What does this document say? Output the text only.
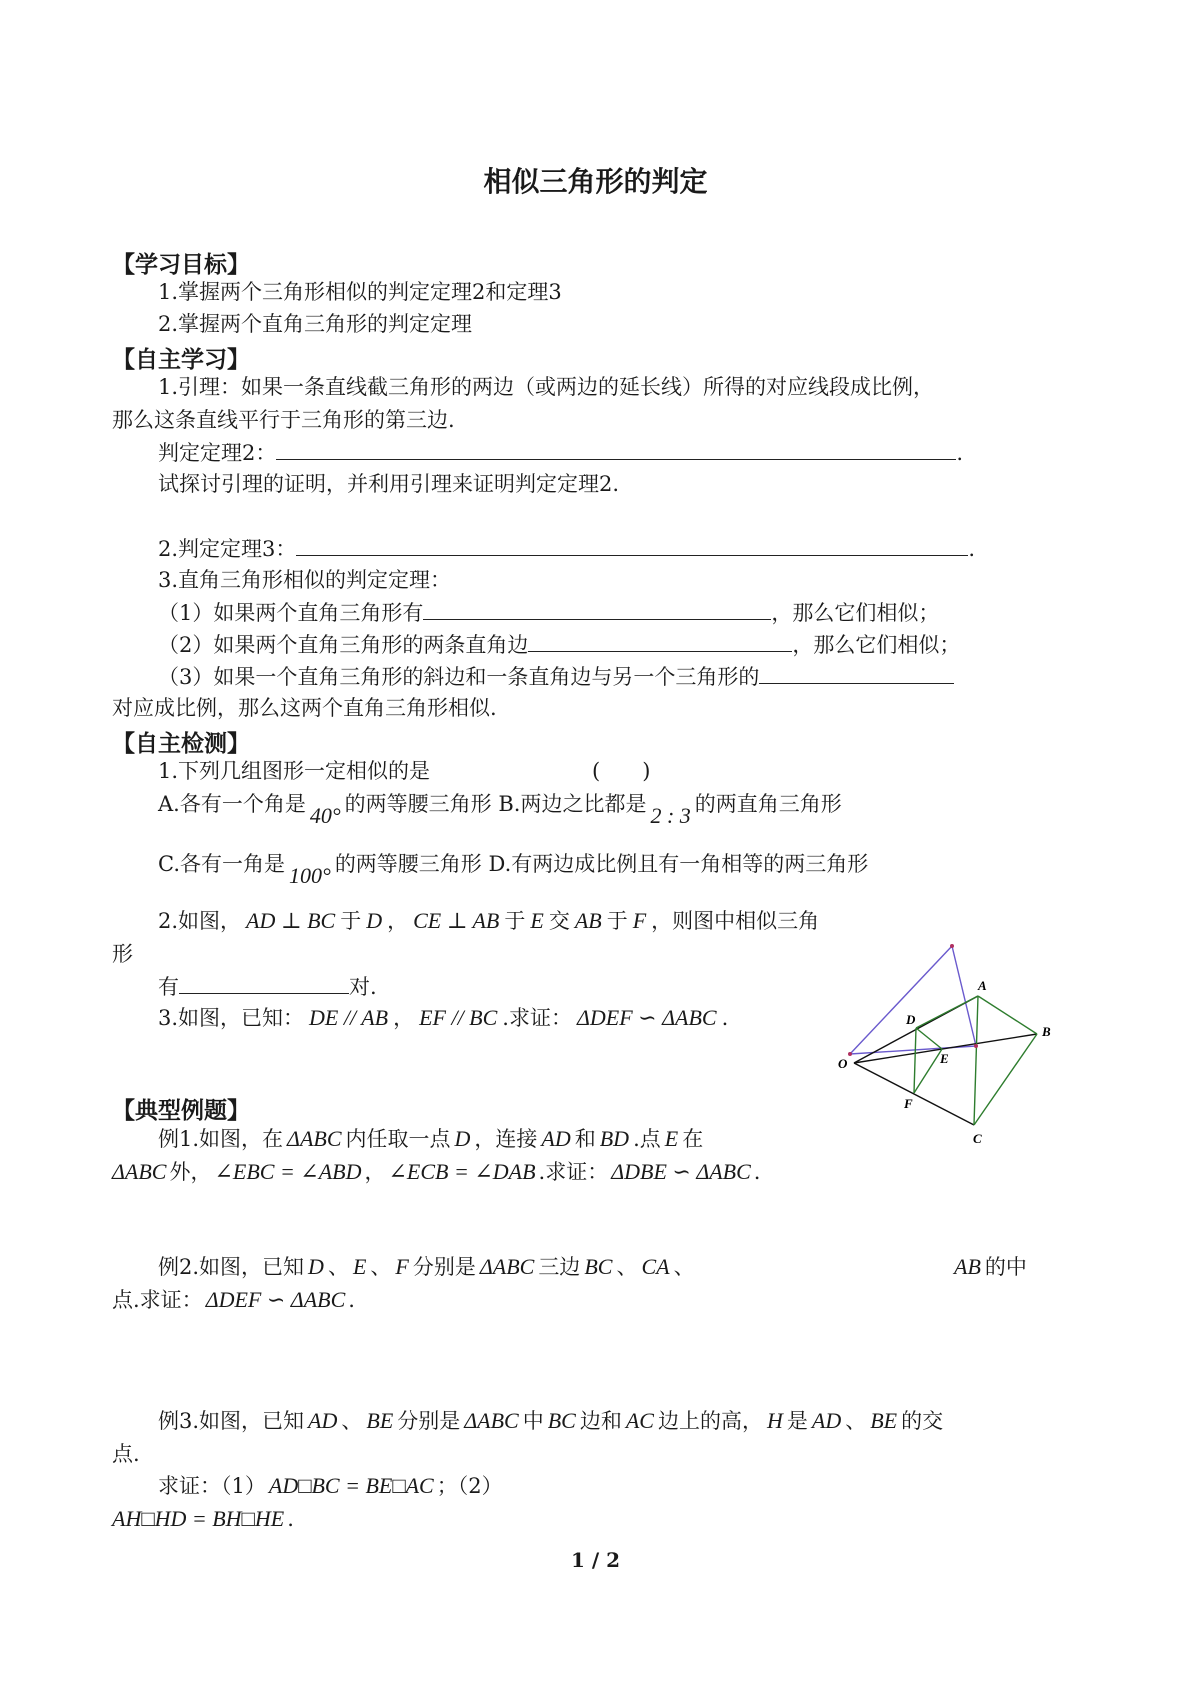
相似三角形的判定
【学习目标】
1.掌握两个三角形相似的判定定理2和定理3
2.掌握两个直角三角形的判定定理
【自主学习】
1.引理：如果一条直线截三角形的两边（或两边的延长线）所得的对应线段成比例，
那么这条直线平行于三角形的第三边.
判定定理2：	.
试探讨引理的证明，并利用引理来证明判定定理2.
2.判定定理3：	.
3.直角三角形相似的判定定理：
（1）如果两个直角三角形有	，那么它们相似；
（2）如果两个直角三角形的两条直角边	，那么它们相似；
（3）如果一个直角三角形的斜边和一条直角边与另一个三角形的
对应成比例，那么这两个直角三角形相似.
【自主检测】
1.下列几组图形一定相似的是	(　　)
A.各有一个角是 40° 的两等腰三角形 B.两边之比都是 2 : 3 的两直角三角形
C.各有一角是 100° 的两等腰三角形 D.有两边成比例且有一角相等的两三角形
2.如图， AD ⊥ BC 于 D ， CE ⊥ AB 于 E 交 AB 于 F ，则图中相似三角
形
有	对.
3.如图，已知： DE // AB ， EF // BC .求证： ΔDEF ∽ ΔABC .
A
B
C
D
E
F
O
【典型例题】
例1.如图，在 ΔABC 内任取一点 D ，连接 AD 和 BD .点 E 在
ΔABC 外， ∠EBC = ∠ABD ， ∠ECB = ∠DAB .求证： ΔDBE ∽ ΔABC .
例2.如图，已知 D 、 E 、 F 分别是 ΔABC 三边 BC 、 CA 、	AB 的中
点.求证： ΔDEF ∽ ΔABC .
例3.如图，已知 AD 、 BE 分别是 ΔABC 中 BC 边和 AC 边上的高， H 是 AD 、 BE 的交
点.
求证：（1） AD□BC = BE□AC ；（2）
AH□HD = BH□HE .
1 / 2
